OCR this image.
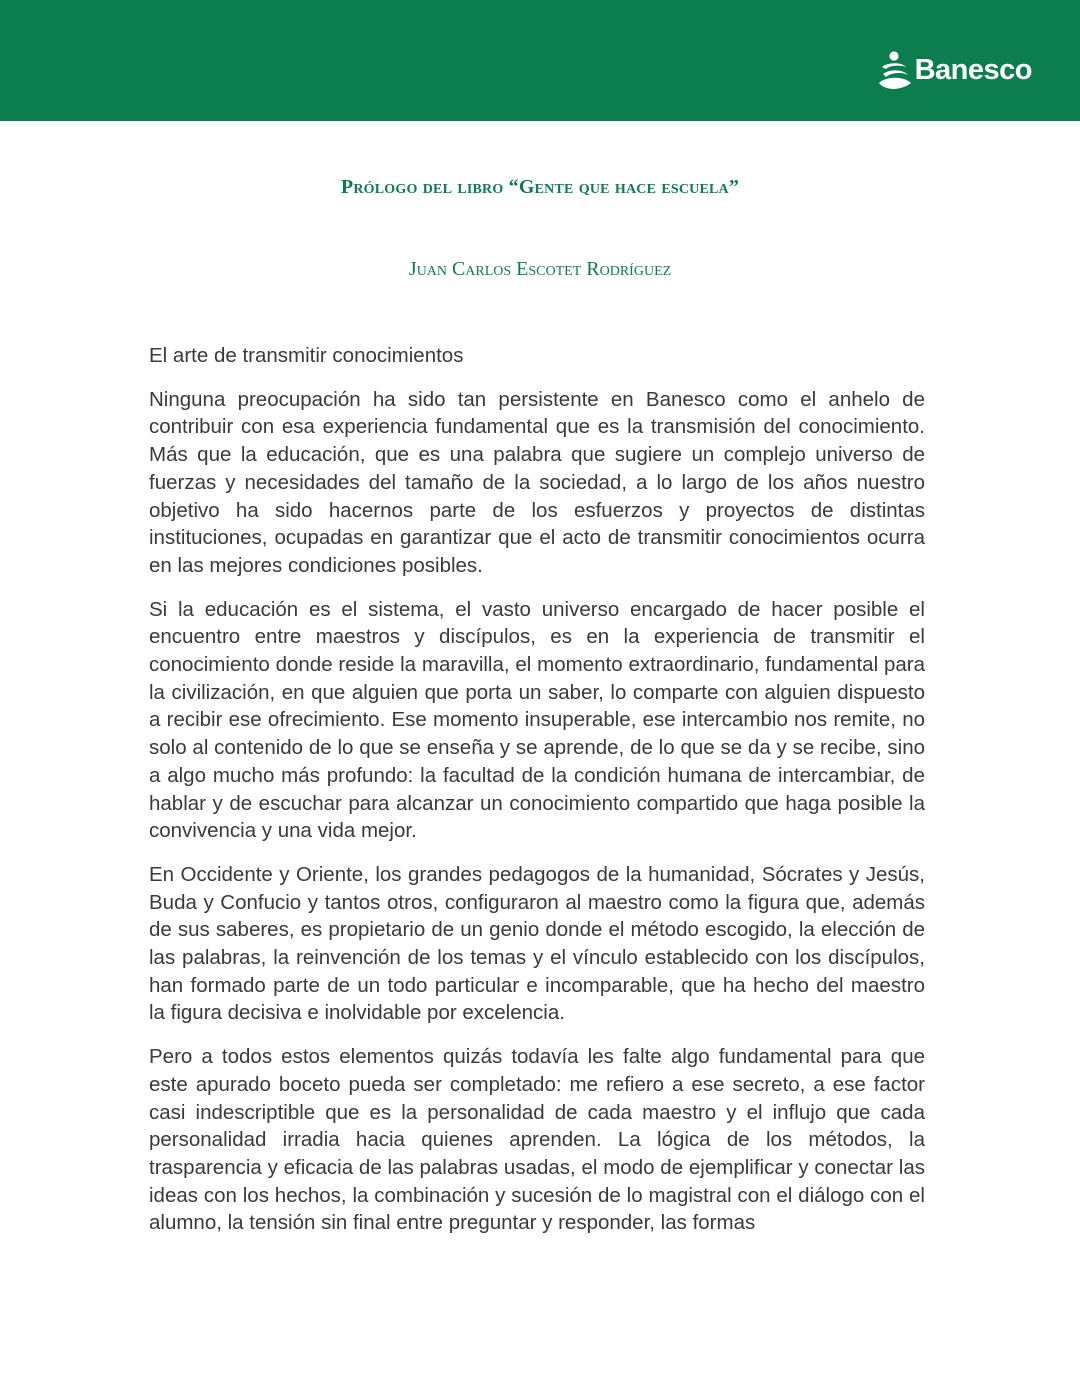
Banesco
Prólogo del libro “Gente que hace escuela”
Juan Carlos Escotet Rodríguez

El arte de transmitir conocimientos

Ninguna preocupación ha sido tan persistente en Banesco como el anhelo de contribuir con esa experiencia fundamental que es la transmisión del conocimiento. Más que la educación, que es una palabra que sugiere un complejo universo de fuerzas y necesidades del tamaño de la sociedad, a lo largo de los años nuestro objetivo ha sido hacernos parte de los esfuerzos y proyectos de distintas instituciones, ocupadas en garantizar que el acto de transmitir conocimientos ocurra en las mejores condiciones posibles.

Si la educación es el sistema, el vasto universo encargado de hacer posible el encuentro entre maestros y discípulos, es en la experiencia de transmitir el conocimiento donde reside la maravilla, el momento extraordinario, fundamental para la civilización, en que alguien que porta un saber, lo comparte con alguien dispuesto a recibir ese ofrecimiento. Ese momento insuperable, ese intercambio nos remite, no solo al contenido de lo que se enseña y se aprende, de lo que se da y se recibe, sino a algo mucho más profundo: la facultad de la condición humana de intercambiar, de hablar y de escuchar para alcanzar un conocimiento compartido que haga posible la convivencia y una vida mejor.

En Occidente y Oriente, los grandes pedagogos de la humanidad, Sócrates y Jesús, Buda y Confucio y tantos otros, configuraron al maestro como la figura que, además de sus saberes, es propietario de un genio donde el método escogido, la elección de las palabras, la reinvención de los temas y el vínculo establecido con los discípulos, han formado parte de un todo particular e incomparable, que ha hecho del maestro la figura decisiva e inolvidable por excelencia.

Pero a todos estos elementos quizás todavía les falte algo fundamental para que este apurado boceto pueda ser completado: me refiero a ese secreto, a ese factor casi indescriptible que es la personalidad de cada maestro y el influjo que cada personalidad irradia hacia quienes aprenden. La lógica de los métodos, la trasparencia y eficacia de las palabras usadas, el modo de ejemplificar y conectar las ideas con los hechos, la combinación y sucesión de lo magistral con el diálogo con el alumno, la tensión sin final entre preguntar y responder, las formas
